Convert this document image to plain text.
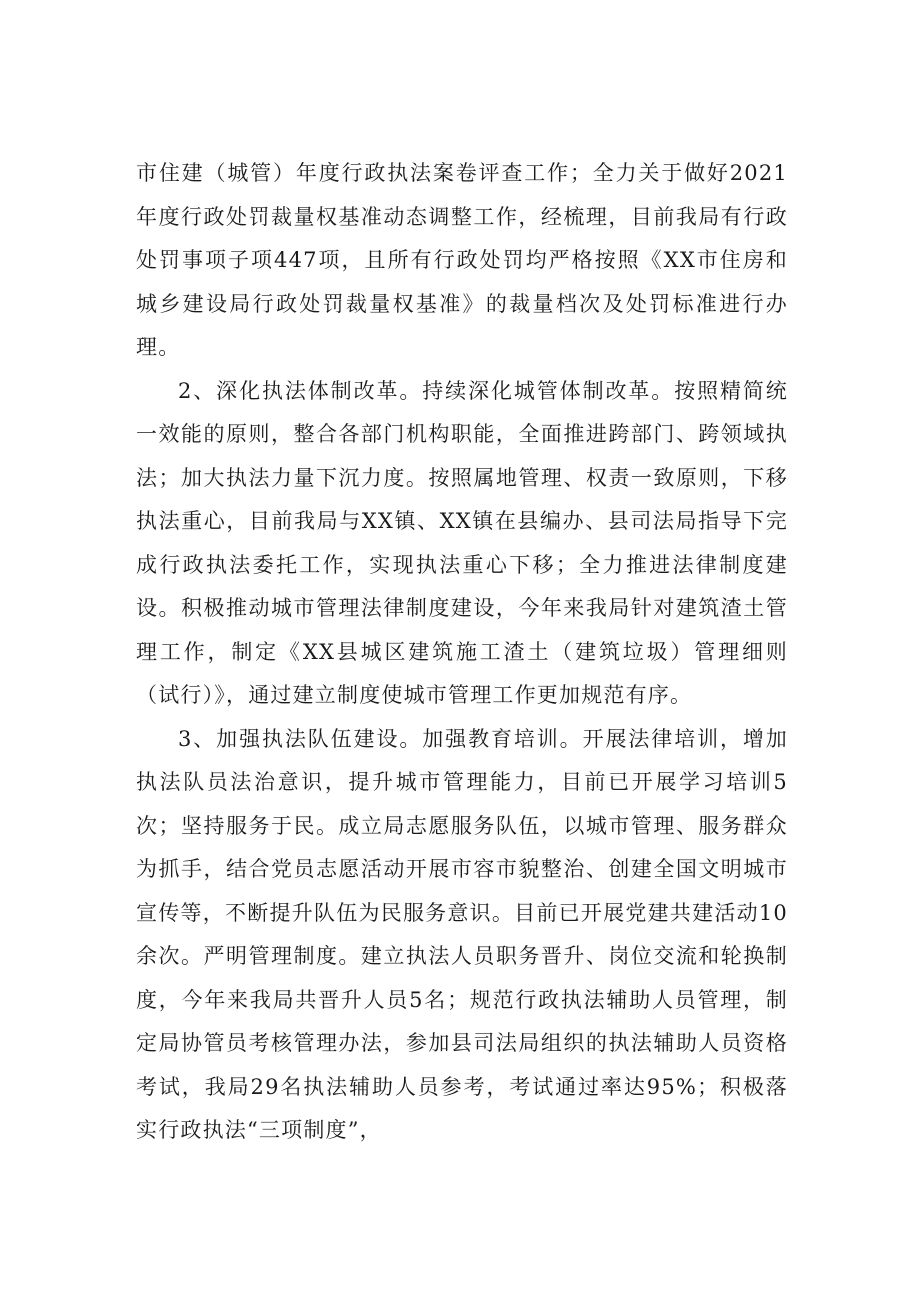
市住建（城管）年度行政执法案卷评查工作；全力关于做好2021年度行政处罚裁量权基准动态调整工作，经梳理，目前我局有行政处罚事项子项447项，且所有行政处罚均严格按照《XX市住房和城乡建设局行政处罚裁量权基准》的裁量档次及处罚标准进行办理。

2、深化执法体制改革。持续深化城管体制改革。按照精简统一效能的原则，整合各部门机构职能，全面推进跨部门、跨领域执法；加大执法力量下沉力度。按照属地管理、权责一致原则，下移执法重心，目前我局与XX镇、XX镇在县编办、县司法局指导下完成行政执法委托工作，实现执法重心下移；全力推进法律制度建设。积极推动城市管理法律制度建设，今年来我局针对建筑渣土管理工作，制定《XX县城区建筑施工渣土（建筑垃圾）管理细则（试行）》，通过建立制度使城市管理工作更加规范有序。

3、加强执法队伍建设。加强教育培训。开展法律培训，增加执法队员法治意识，提升城市管理能力，目前已开展学习培训5次；坚持服务于民。成立局志愿服务队伍，以城市管理、服务群众为抓手，结合党员志愿活动开展市容市貌整治、创建全国文明城市宣传等，不断提升队伍为民服务意识。目前已开展党建共建活动10余次。严明管理制度。建立执法人员职务晋升、岗位交流和轮换制度，今年来我局共晋升人员5名；规范行政执法辅助人员管理，制定局协管员考核管理办法，参加县司法局组织的执法辅助人员资格考试，我局29名执法辅助人员参考，考试通过率达95%；积极落实行政执法“三项制度”，
